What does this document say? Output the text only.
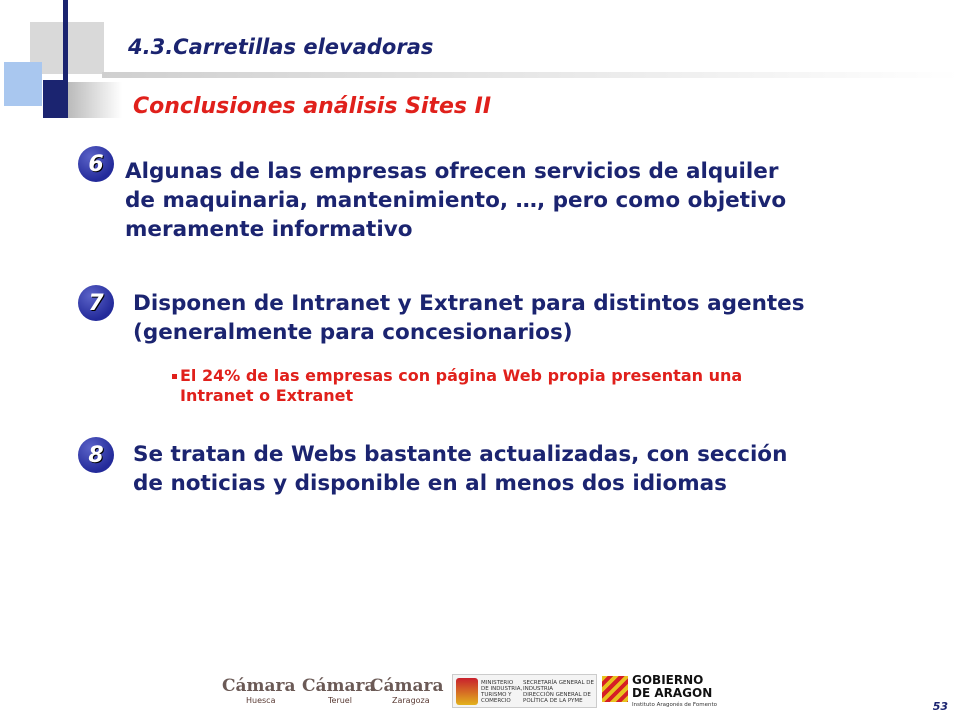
4.3.Carretillas elevadoras
Conclusiones análisis Sites II
6 Algunas de las empresas ofrecen servicios de alquiler
de maquinaria, mantenimiento, …, pero como objetivo
meramente informativo
7	Disponen de Intranet y Extranet para distintos agentes
(generalmente para concesionarios)
El 24% de las empresas con página Web propia presentan una
Intranet o Extranet
8	Se tratan de Webs bastante actualizadas, con sección
de noticias y disponible en al menos dos idiomas
Cámara
Huesca
Cámara
Teruel
Cámara
Zaragoza
MINISTERIO
DE INDUSTRIA,
TURISMO Y
COMERCIO
SECRETARÍA GENERAL DE
INDUSTRIA
DIRECCIÓN GENERAL DE
POLÍTICA DE LA PYME
GOBIERNO
DE ARAGON
Instituto Aragonés de Fomento	53
